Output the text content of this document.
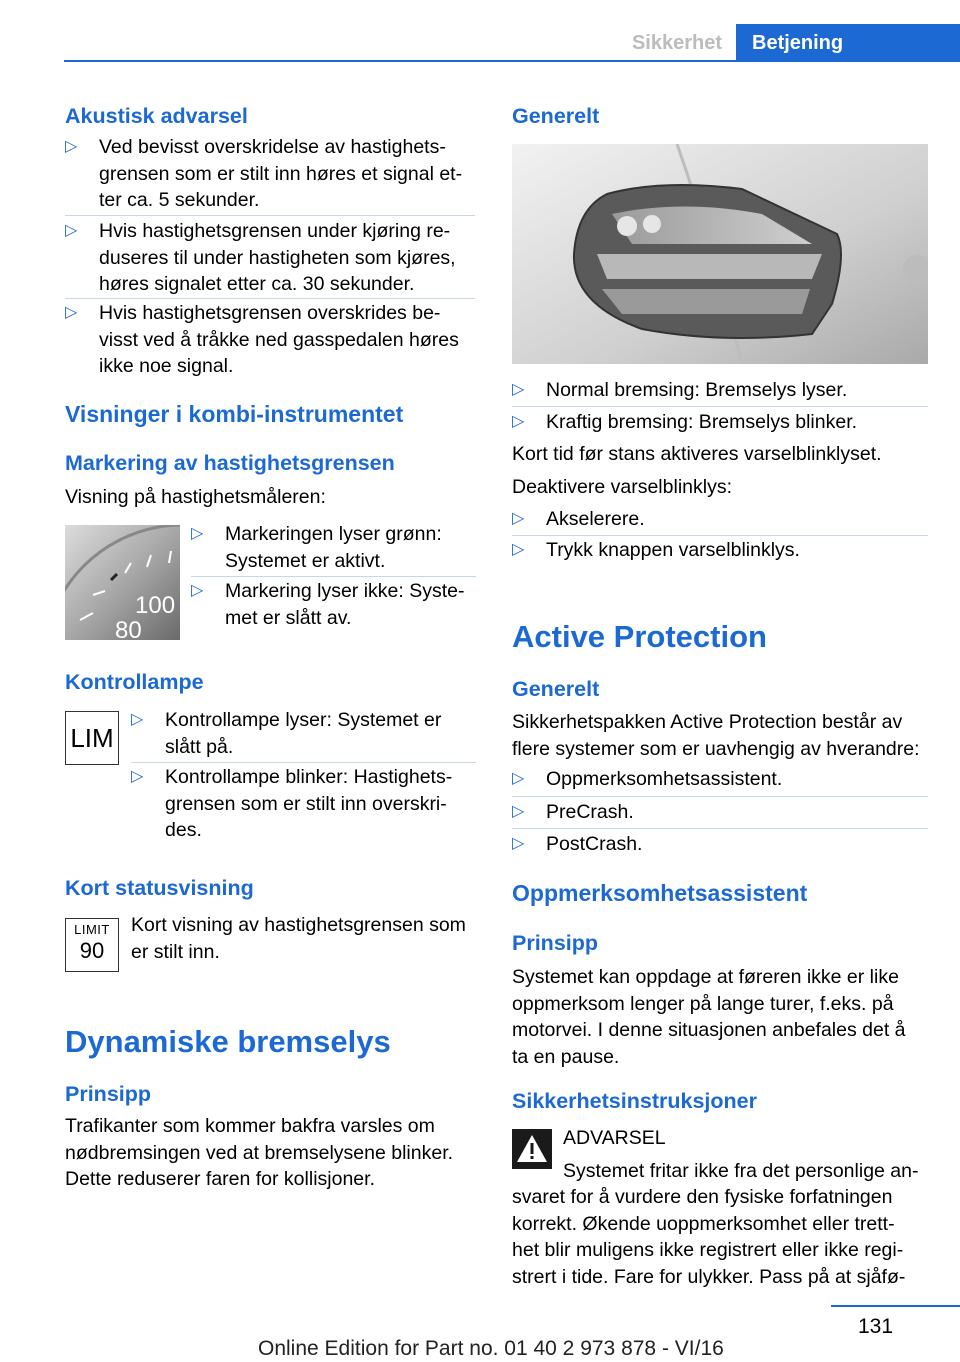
Sikkerhet	Betjening
Akustisk advarsel
▷ Ved bevisst overskridelse av hastighets-
grensen som er stilt inn høres et signal et-
ter ca. 5 sekunder.
▷ Hvis hastighetsgrensen under kjøring re-
duseres til under hastigheten som kjøres,
høres signalet etter ca. 30 sekunder.
▷ Hvis hastighetsgrensen overskrides be-
visst ved å tråkke ned gasspedalen høres
ikke noe signal.
Visninger i kombi-instrumentet
Markering av hastighetsgrensen

Visning på hastighetsmåleren:

100
80
▷ Markeringen lyser grønn:
Systemet er aktivt.
▷ Markering lyser ikke: Syste-
met er slått av.
Kontrollampe
LIM
▷ Kontrollampe lyser: Systemet er
slått på.
▷ Kontrollampe blinker: Hastighets-
grensen som er stilt inn overskri-
des.
Kort statusvisning
LIMIT
90
Kort visning av hastighetsgrensen som
er stilt inn.
Dynamiske bremselys
Prinsipp
Trafikanter som kommer bakfra varsles om
nødbremsingen ved at bremselysene blinker.
Dette reduserer faren for kollisjoner.
Generelt
▷ Normal bremsing: Bremselys lyser.
▷ Kraftig bremsing: Bremselys blinker.

Kort tid før stans aktiveres varselblinklyset.

Deaktivere varselblinklys:

▷ Akselerere.
▷ Trykk knappen varselblinklys.
Active Protection
Generelt
Sikkerhetspakken Active Protection består av
flere systemer som er uavhengig av hverandre:
▷ Oppmerksomhetsassistent.
▷ PreCrash.
▷ PostCrash.
Oppmerksomhetsassistent
Prinsipp
Systemet kan oppdage at føreren ikke er like
oppmerksom lenger på lange turer, f.eks. på
motorvei. I denne situasjonen anbefales det å
ta en pause.
Sikkerhetsinstruksjoner

ADVARSEL

Systemet fritar ikke fra det personlige an-
svaret for å vurdere den fysiske forfatningen
korrekt. Økende uoppmerksomhet eller trett-
het blir muligens ikke registrert eller ikke regi-
strert i tide. Fare for ulykker. Pass på at sjåfø-
131
Online Edition for Part no. 01 40 2 973 878 - VI/16
